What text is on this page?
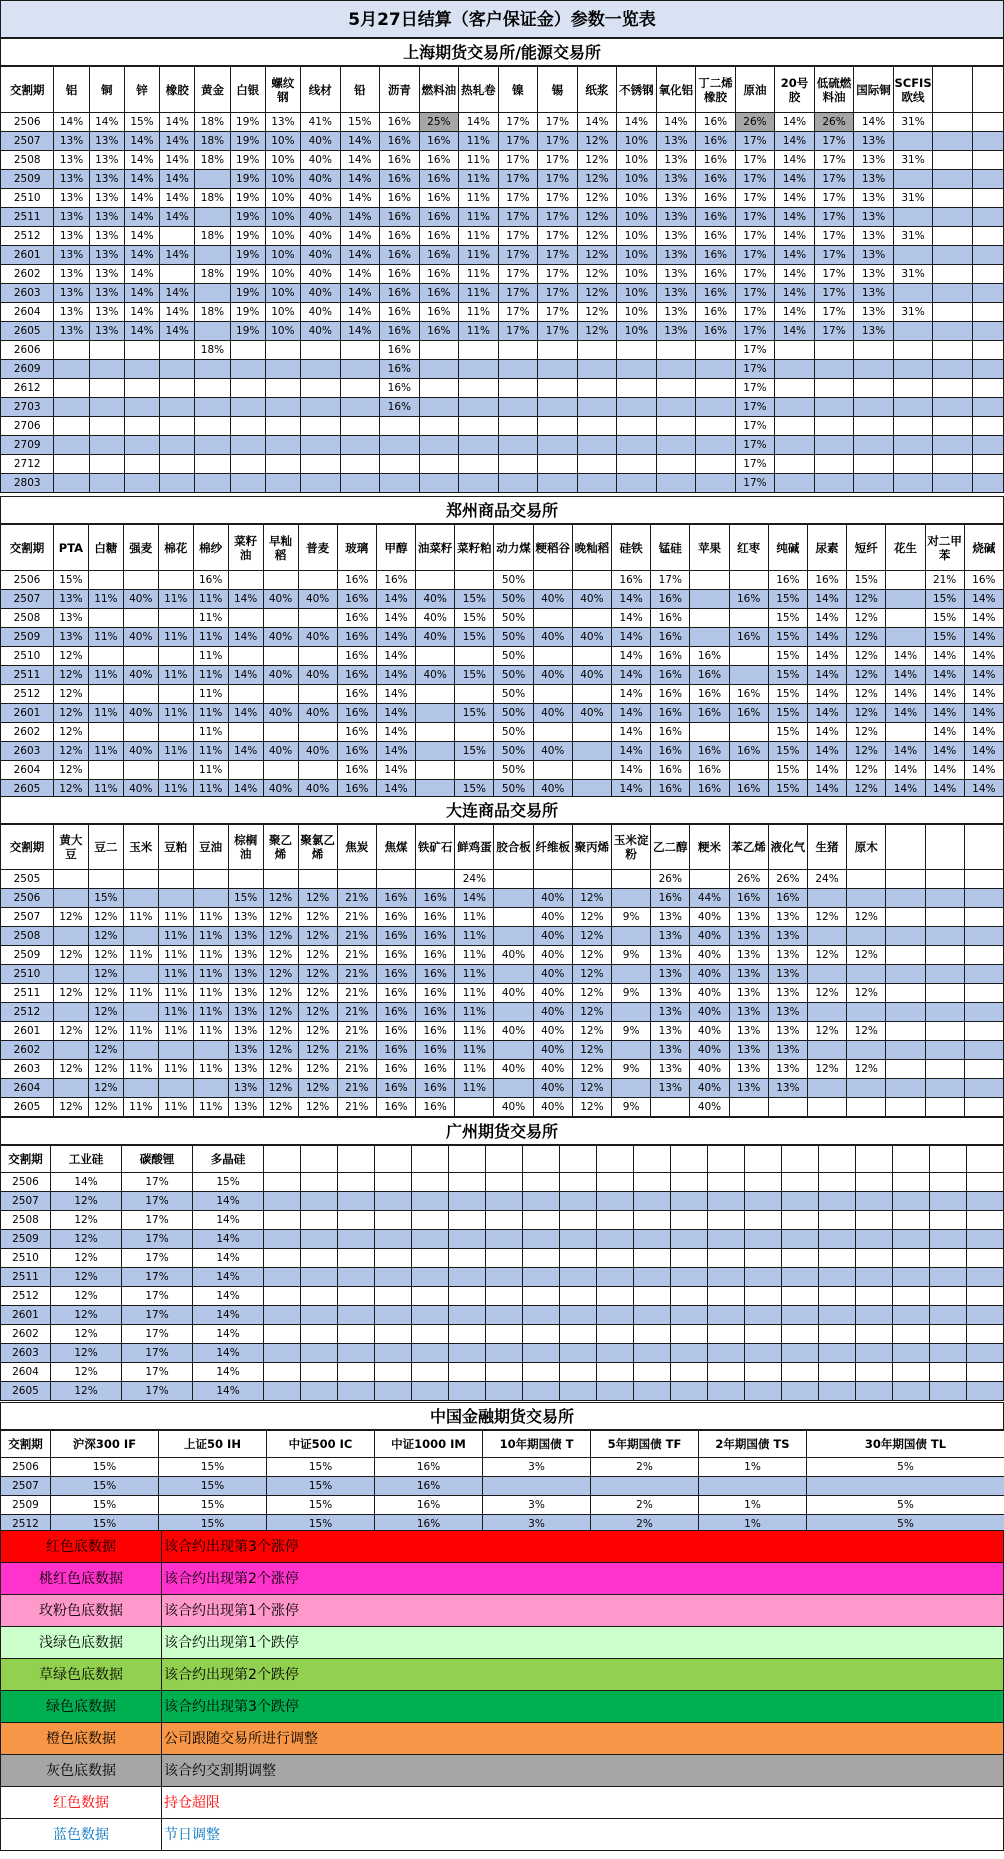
5月27日结算（客户保证金）参数一览表
上海期货交易所/能源交易所
交割期	铝	铜	锌	橡胶	黄金	白银	螺纹钢	线材	铅	沥青	燃料油	热轧卷	镍	锡	纸浆	不锈钢	氧化铝	丁二烯橡胶	原油	20号胶	低硫燃料油	国际铜	SCFIS欧线		
2506	14%	14%	15%	14%	18%	19%	13%	41%	15%	16%	25%	14%	17%	17%	14%	14%	14%	16%	26%	14%	26%	14%	31%		
2507	13%	13%	14%	14%	18%	19%	10%	40%	14%	16%	16%	11%	17%	17%	12%	10%	13%	16%	17%	14%	17%	13%			
2508	13%	13%	14%	14%	18%	19%	10%	40%	14%	16%	16%	11%	17%	17%	12%	10%	13%	16%	17%	14%	17%	13%	31%		
2509	13%	13%	14%	14%		19%	10%	40%	14%	16%	16%	11%	17%	17%	12%	10%	13%	16%	17%	14%	17%	13%			
2510	13%	13%	14%	14%	18%	19%	10%	40%	14%	16%	16%	11%	17%	17%	12%	10%	13%	16%	17%	14%	17%	13%	31%		
2511	13%	13%	14%	14%		19%	10%	40%	14%	16%	16%	11%	17%	17%	12%	10%	13%	16%	17%	14%	17%	13%			
2512	13%	13%	14%		18%	19%	10%	40%	14%	16%	16%	11%	17%	17%	12%	10%	13%	16%	17%	14%	17%	13%	31%		
2601	13%	13%	14%	14%		19%	10%	40%	14%	16%	16%	11%	17%	17%	12%	10%	13%	16%	17%	14%	17%	13%			
2602	13%	13%	14%		18%	19%	10%	40%	14%	16%	16%	11%	17%	17%	12%	10%	13%	16%	17%	14%	17%	13%	31%		
2603	13%	13%	14%	14%		19%	10%	40%	14%	16%	16%	11%	17%	17%	12%	10%	13%	16%	17%	14%	17%	13%			
2604	13%	13%	14%	14%	18%	19%	10%	40%	14%	16%	16%	11%	17%	17%	12%	10%	13%	16%	17%	14%	17%	13%	31%		
2605	13%	13%	14%	14%		19%	10%	40%	14%	16%	16%	11%	17%	17%	12%	10%	13%	16%	17%	14%	17%	13%			
2606					18%					16%									17%						
2609										16%									17%						
2612										16%									17%						
2703										16%									17%						
2706																			17%						
2709																			17%						
2712																			17%						
2803																			17%						
郑州商品交易所
交割期	PTA	白糖	强麦	棉花	棉纱	菜籽油	早籼稻	普麦	玻璃	甲醇	油菜籽	菜籽粕	动力煤	粳稻谷	晚籼稻	硅铁	锰硅	苹果	红枣	纯碱	尿素	短纤	花生	对二甲苯	烧碱
2506	15%				16%				16%	16%			50%			16%	17%			16%	16%	15%		21%	16%
2507	13%	11%	40%	11%	11%	14%	40%	40%	16%	14%	40%	15%	50%	40%	40%	14%	16%		16%	15%	14%	12%		15%	14%
2508	13%				11%				16%	14%	40%	15%	50%			14%	16%			15%	14%	12%		15%	14%
2509	13%	11%	40%	11%	11%	14%	40%	40%	16%	14%	40%	15%	50%	40%	40%	14%	16%		16%	15%	14%	12%		15%	14%
2510	12%				11%				16%	14%			50%			14%	16%	16%		15%	14%	12%	14%	14%	14%
2511	12%	11%	40%	11%	11%	14%	40%	40%	16%	14%	40%	15%	50%	40%	40%	14%	16%	16%		15%	14%	12%	14%	14%	14%
2512	12%				11%				16%	14%			50%			14%	16%	16%	16%	15%	14%	12%	14%	14%	14%
2601	12%	11%	40%	11%	11%	14%	40%	40%	16%	14%		15%	50%	40%	40%	14%	16%	16%	16%	15%	14%	12%	14%	14%	14%
2602	12%				11%				16%	14%			50%			14%	16%			15%	14%	12%		14%	14%
2603	12%	11%	40%	11%	11%	14%	40%	40%	16%	14%		15%	50%	40%		14%	16%	16%	16%	15%	14%	12%	14%	14%	14%
2604	12%				11%				16%	14%			50%			14%	16%	16%		15%	14%	12%	14%	14%	14%
2605	12%	11%	40%	11%	11%	14%	40%	40%	16%	14%		15%	50%	40%		14%	16%	16%	16%	15%	14%	12%	14%	14%	14%
大连商品交易所
交割期	黄大豆	豆二	玉米	豆粕	豆油	棕榈油	聚乙烯	聚氯乙烯	焦炭	焦煤	铁矿石	鲜鸡蛋	胶合板	纤维板	聚丙烯	玉米淀粉	乙二醇	粳米	苯乙烯	液化气	生猪	原木			
2505												24%					26%		26%	26%	24%				
2506		15%				15%	12%	12%	21%	16%	16%	14%		40%	12%		16%	44%	16%	16%					
2507	12%	12%	11%	11%	11%	13%	12%	12%	21%	16%	16%	11%		40%	12%	9%	13%	40%	13%	13%	12%	12%			
2508		12%		11%	11%	13%	12%	12%	21%	16%	16%	11%		40%	12%		13%	40%	13%	13%					
2509	12%	12%	11%	11%	11%	13%	12%	12%	21%	16%	16%	11%	40%	40%	12%	9%	13%	40%	13%	13%	12%	12%			
2510		12%		11%	11%	13%	12%	12%	21%	16%	16%	11%		40%	12%		13%	40%	13%	13%					
2511	12%	12%	11%	11%	11%	13%	12%	12%	21%	16%	16%	11%	40%	40%	12%	9%	13%	40%	13%	13%	12%	12%			
2512		12%		11%	11%	13%	12%	12%	21%	16%	16%	11%		40%	12%		13%	40%	13%	13%					
2601	12%	12%	11%	11%	11%	13%	12%	12%	21%	16%	16%	11%	40%	40%	12%	9%	13%	40%	13%	13%	12%	12%			
2602		12%				13%	12%	12%	21%	16%	16%	11%		40%	12%		13%	40%	13%	13%					
2603	12%	12%	11%	11%	11%	13%	12%	12%	21%	16%	16%	11%	40%	40%	12%	9%	13%	40%	13%	13%	12%	12%			
2604		12%				13%	12%	12%	21%	16%	16%	11%		40%	12%		13%	40%	13%	13%					
2605	12%	12%	11%	11%	11%	13%	12%	12%	21%	16%	16%		40%	40%	12%	9%		40%							
广州期货交易所
交割期	工业硅	碳酸锂	多晶硅																				
2506	14%	17%	15%																				
2507	12%	17%	14%																				
2508	12%	17%	14%																				
2509	12%	17%	14%																				
2510	12%	17%	14%																				
2511	12%	17%	14%																				
2512	12%	17%	14%																				
2601	12%	17%	14%																				
2602	12%	17%	14%																				
2603	12%	17%	14%																				
2604	12%	17%	14%																				
2605	12%	17%	14%																				
中国金融期货交易所
交割期	沪深300 IF	上证50 IH	中证500 IC	中证1000 IM	10年期国债 T	5年期国债 TF	2年期国债 TS	30年期国债 TL
2506	15%	15%	15%	16%	3%	2%	1%	5%
2507	15%	15%	15%	16%				
2509	15%	15%	15%	16%	3%	2%	1%	5%
2512	15%	15%	15%	16%	3%	2%	1%	5%
红色底数据	该合约出现第3个涨停
桃红色底数据	该合约出现第2个涨停
玫粉色底数据	该合约出现第1个涨停
浅绿色底数据	该合约出现第1个跌停
草绿色底数据	该合约出现第2个跌停
绿色底数据	该合约出现第3个跌停
橙色底数据	公司跟随交易所进行调整
灰色底数据	该合约交割期调整
红色数据	持仓超限
蓝色数据	节日调整
